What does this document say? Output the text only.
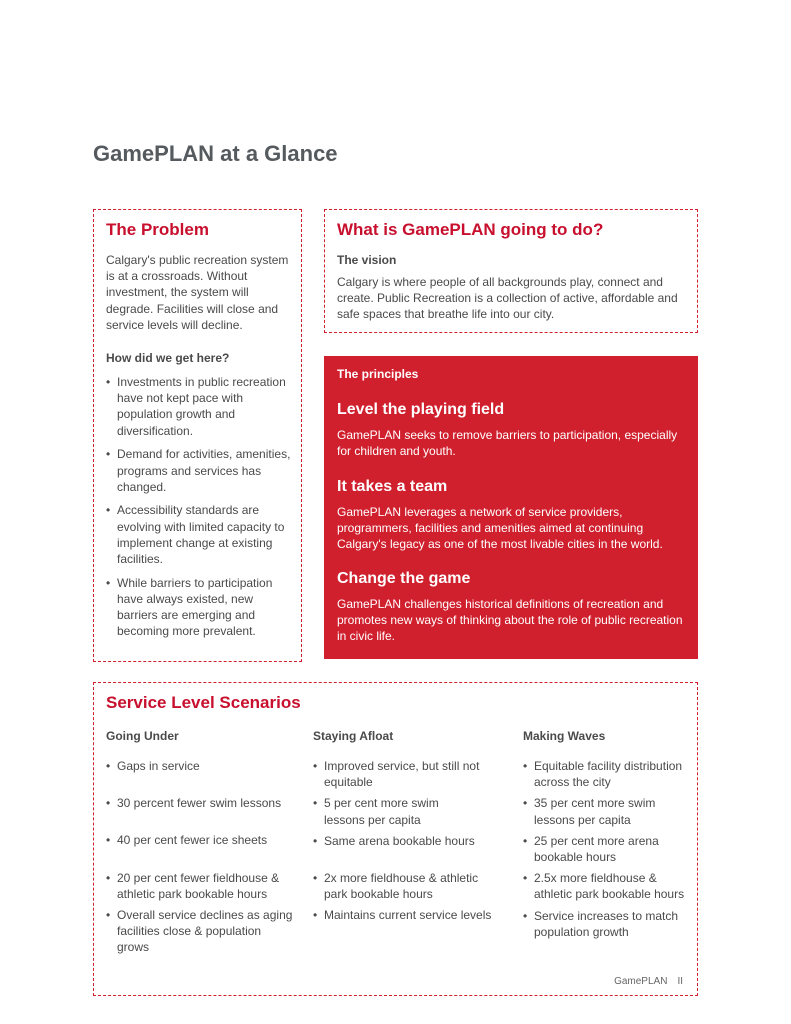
GamePLAN at a Glance
The Problem

Calgary's public recreation system is at a crossroads. Without investment, the system will degrade. Facilities will close and service levels will decline.

How did we get here?
• Investments in public recreation have not kept pace with population growth and diversification.
• Demand for activities, amenities, programs and services has changed.
• Accessibility standards are evolving with limited capacity to implement change at existing facilities.
• While barriers to participation have always existed, new barriers are emerging and becoming more prevalent.
What is GamePLAN going to do?
The vision

Calgary is where people of all backgrounds play, connect and create. Public Recreation is a collection of active, affordable and safe spaces that breathe life into our city.

The principles

Level the playing field

GamePLAN seeks to remove barriers to participation, especially for children and youth.

It takes a team

GamePLAN leverages a network of service providers, programmers, facilities and amenities aimed at continuing Calgary's legacy as one of the most livable cities in the world.

Change the game

GamePLAN challenges historical definitions of recreation and promotes new ways of thinking about the role of public recreation in civic life.

Service Level Scenarios
Going Under
• Gaps in service
• 30 percent fewer swim lessons
• 40 per cent fewer ice sheets
• 20 per cent fewer fieldhouse & athletic park bookable hours
• Overall service declines as aging facilities close & population grows
Staying Afloat
• Improved service, but still not equitable
• 5 per cent more swim lessons per capita
• Same arena bookable hours
• 2x more fieldhouse & athletic park bookable hours
• Maintains current service levels
Making Waves
• Equitable facility distribution across the city
• 35 per cent more swim lessons per capita
• 25 per cent more arena bookable hours
• 2.5x more fieldhouse & athletic park bookable hours
• Service increases to match population growth
GamePLAN II
